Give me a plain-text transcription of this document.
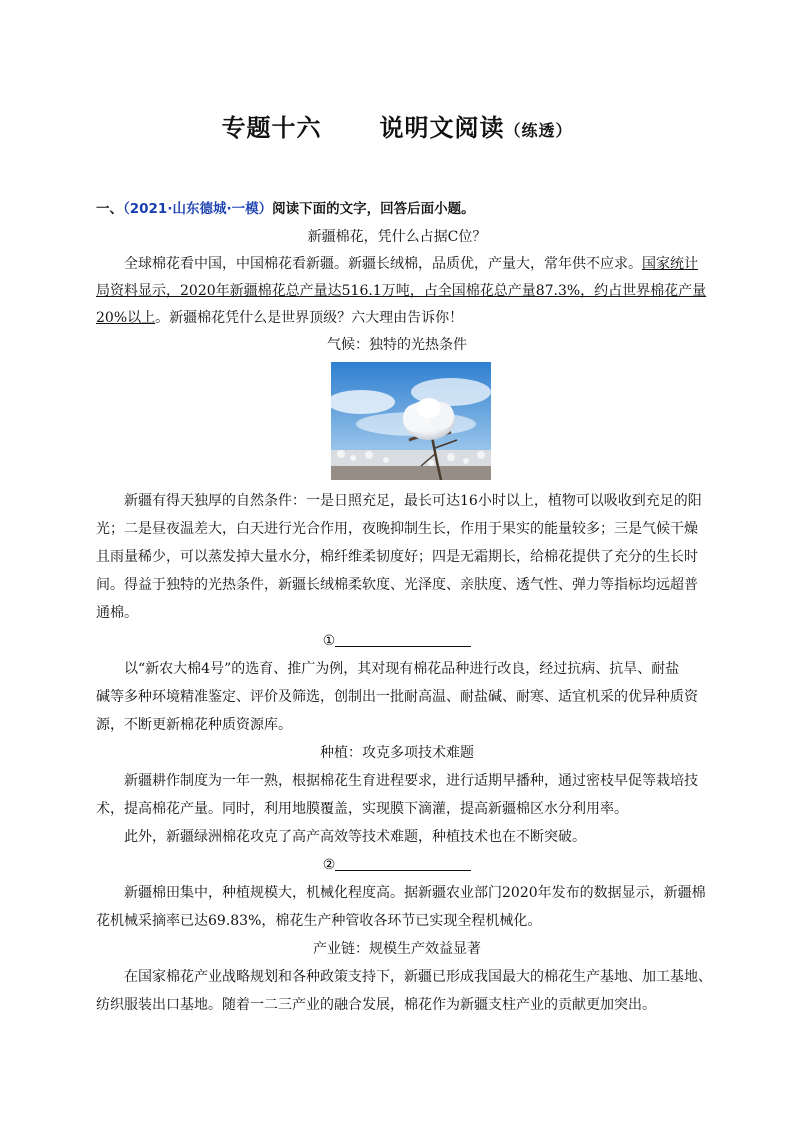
专题十六 说明文阅读（练透）
一、（2021·山东德城·一模）阅读下面的文字，回答后面小题。
新疆棉花，凭什么占据C位？
全球棉花看中国，中国棉花看新疆。新疆长绒棉，品质优，产量大，常年供不应求。国家统计
局资料显示，2020年新疆棉花总产量达516.1万吨，占全国棉花总产量87.3%，约占世界棉花产量
20%以上。新疆棉花凭什么是世界顶级？六大理由告诉你！
气候：独特的光热条件
新疆有得天独厚的自然条件：一是日照充足，最长可达16小时以上，植物可以吸收到充足的阳
光；二是昼夜温差大，白天进行光合作用，夜晚抑制生长，作用于果实的能量较多；三是气候干燥
且雨量稀少，可以蒸发掉大量水分，棉纤维柔韧度好；四是无霜期长，给棉花提供了充分的生长时
间。得益于独特的光热条件，新疆长绒棉柔软度、光泽度、亲肤度、透气性、弹力等指标均远超普
通棉。
①
以“新农大棉4号”的选育、推广为例，其对现有棉花品种进行改良，经过抗病、抗旱、耐盐
碱等多种环境精准鉴定、评价及筛选，创制出一批耐高温、耐盐碱、耐寒、适宜机采的优异种质资
源，不断更新棉花种质资源库。
种植：攻克多项技术难题
新疆耕作制度为一年一熟，根据棉花生育进程要求，进行适期早播种，通过密枝早促等栽培技
术，提高棉花产量。同时，利用地膜覆盖，实现膜下滴灌，提高新疆棉区水分利用率。
此外，新疆绿洲棉花攻克了高产高效等技术难题，种植技术也在不断突破。
②
新疆棉田集中，种植规模大，机械化程度高。据新疆农业部门2020年发布的数据显示，新疆棉
花机械采摘率已达69.83%，棉花生产种管收各环节已实现全程机械化。
产业链：规模生产效益显著
在国家棉花产业战略规划和各种政策支持下，新疆已形成我国最大的棉花生产基地、加工基地、
纺织服装出口基地。随着一二三产业的融合发展，棉花作为新疆支柱产业的贡献更加突出。
